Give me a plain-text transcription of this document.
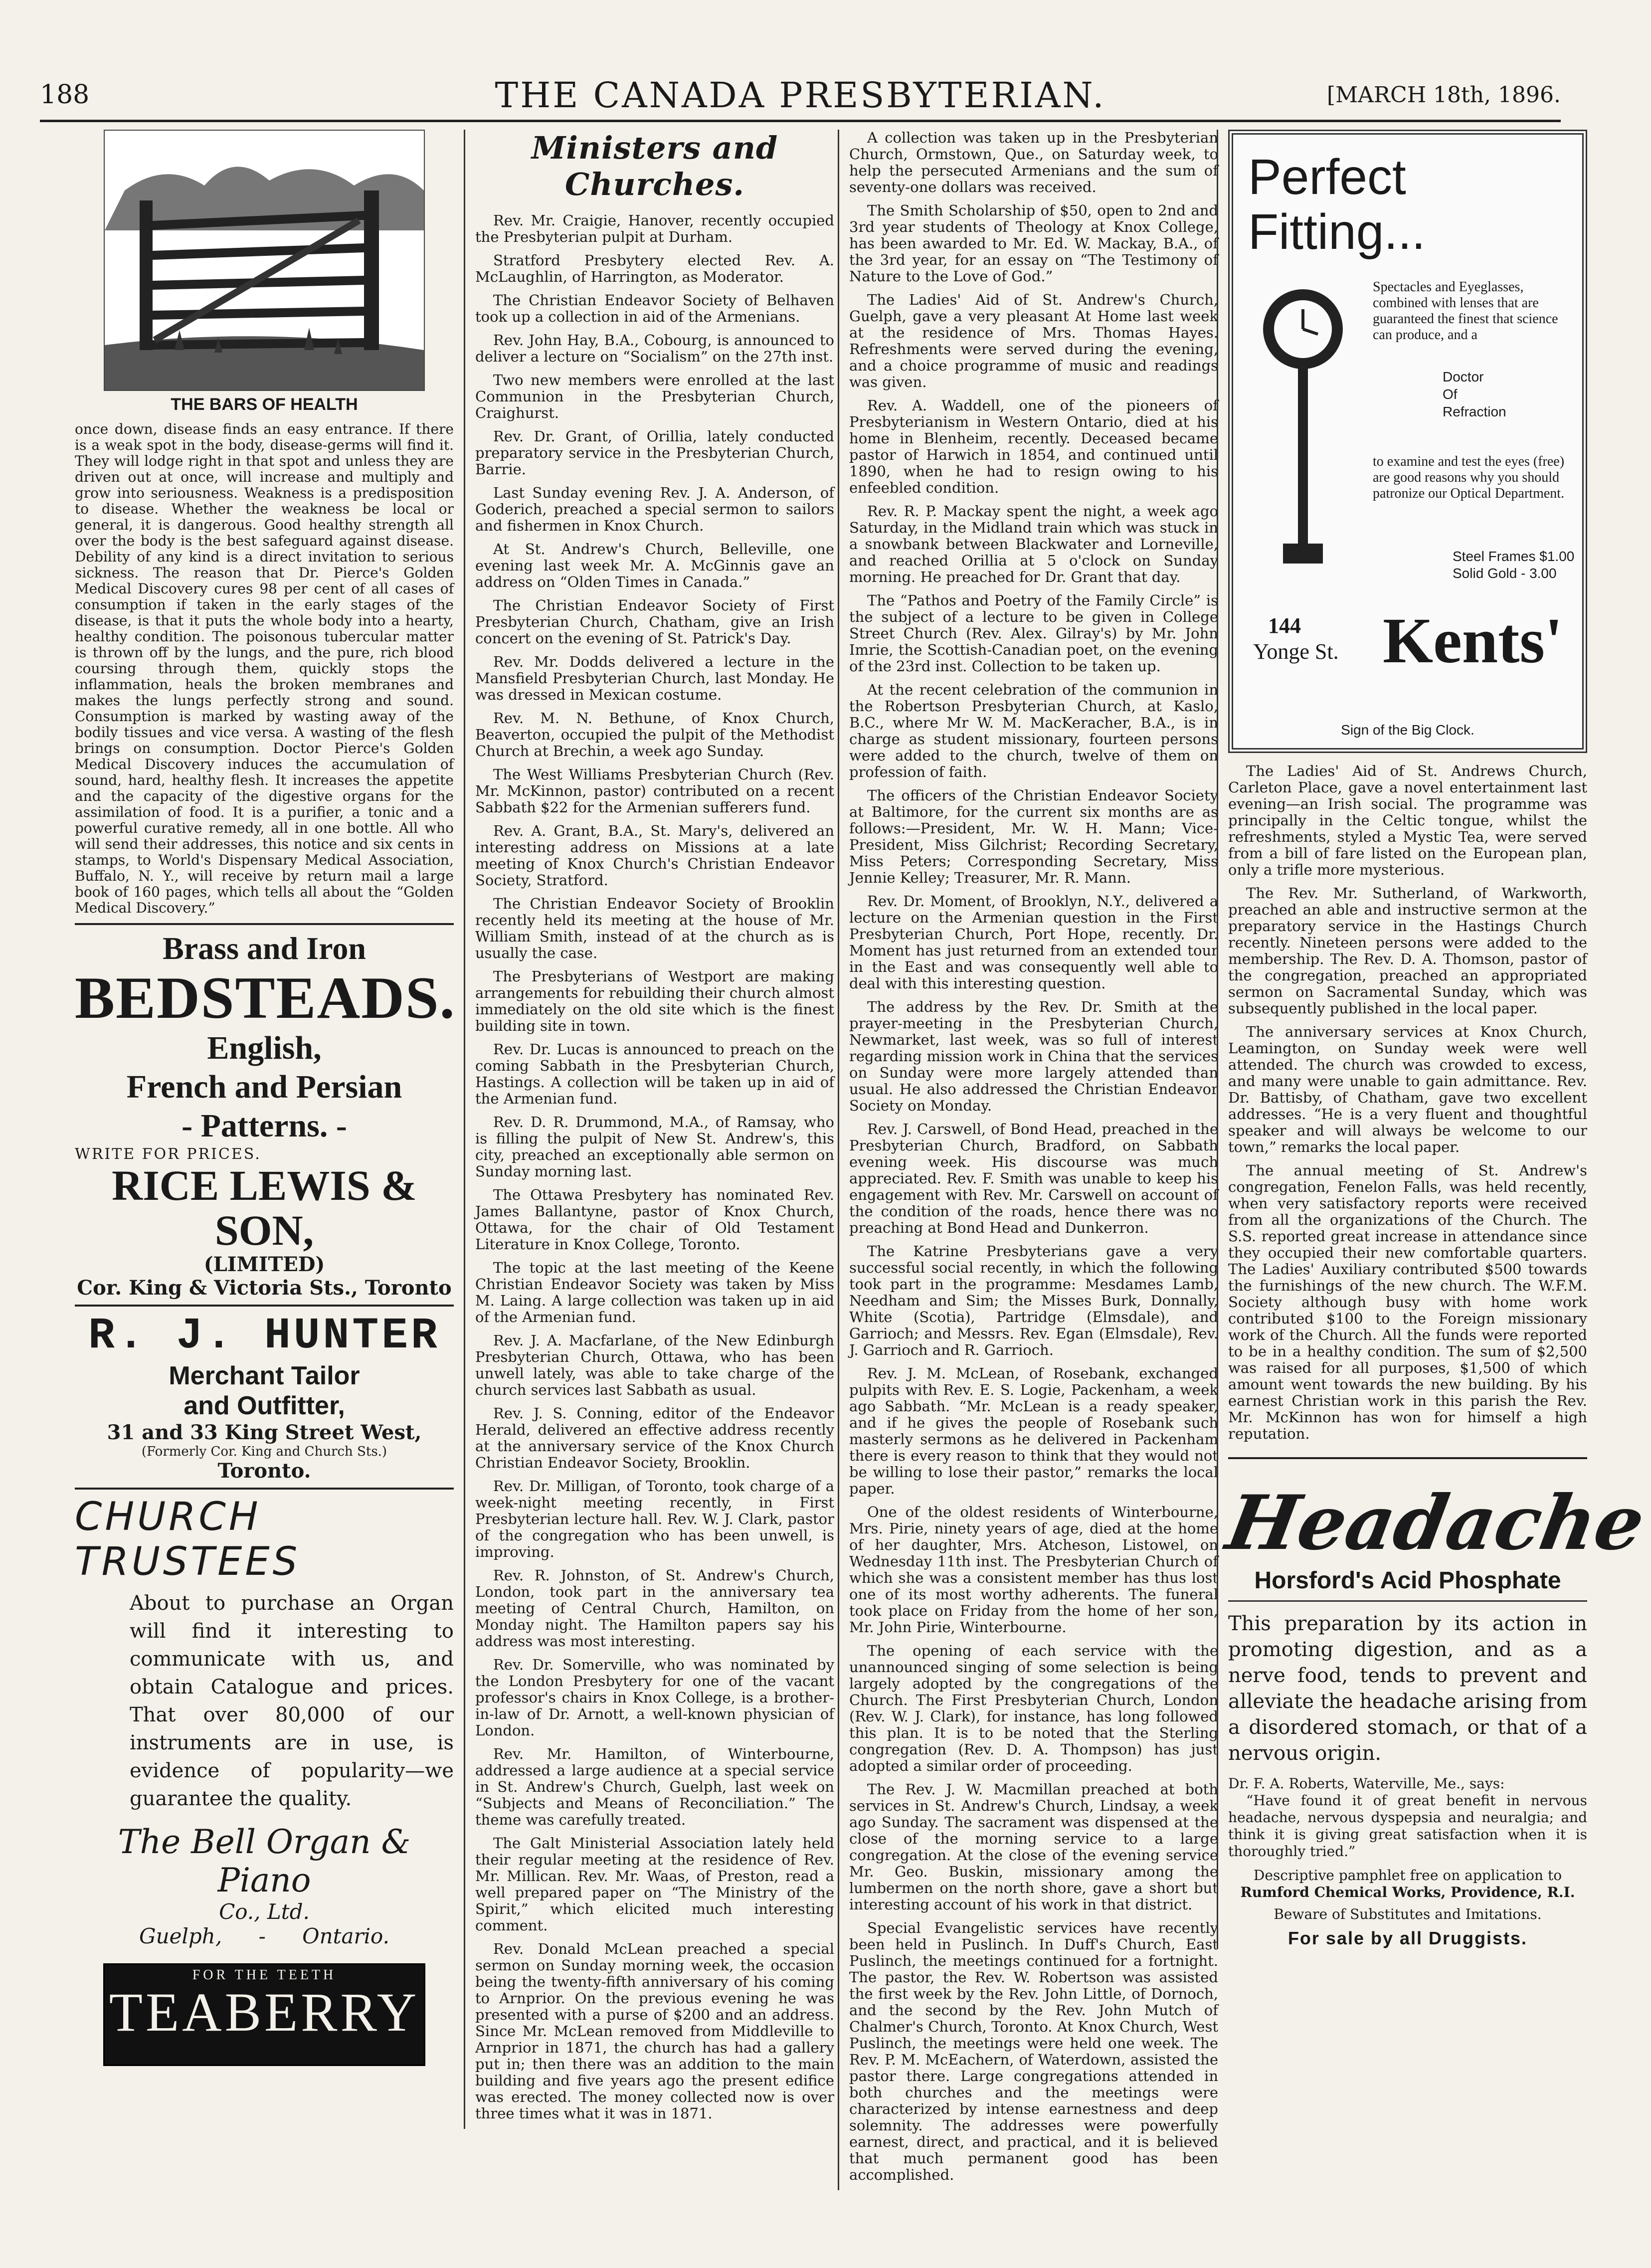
188	THE CANADA PRESBYTERIAN.	[MARCH 18th, 1896.
THE BARS OF HEALTH

once down, disease finds an easy entrance. If there is a weak spot in the body, disease-germs will find it. They will lodge right in that spot and unless they are driven out at once, will increase and multiply and grow into seriousness. Weakness is a predisposition to disease. Whether the weakness be local or general, it is dangerous. Good healthy strength all over the body is the best safeguard against disease. Debility of any kind is a direct invitation to serious sickness. The reason that Dr. Pierce's Golden Medical Discovery cures 98 per cent of all cases of consumption if taken in the early stages of the disease, is that it puts the whole body into a hearty, healthy condition. The poisonous tubercular matter is thrown off by the lungs, and the pure, rich blood coursing through them, quickly stops the inflammation, heals the broken membranes and makes the lungs perfectly strong and sound. Consumption is marked by wasting away of the bodily tissues and vice versa. A wasting of the flesh brings on consumption. Doctor Pierce's Golden Medical Discovery induces the accumulation of sound, hard, healthy flesh. It increases the appetite and the capacity of the digestive organs for the assimilation of food. It is a purifier, a tonic and a powerful curative remedy, all in one bottle. All who will send their addresses, this notice and six cents in stamps, to World's Dispensary Medical Association, Buffalo, N. Y., will receive by return mail a large book of 160 pages, which tells all about the “Golden Medical Discovery.”

Brass and Iron
BEDSTEADS.
English,
French and Persian
- Patterns. -
WRITE FOR PRICES.
RICE LEWIS & SON,
(LIMITED)
Cor. King & Victoria Sts., Toronto
R. J. HUNTER
Merchant Tailor
and Outfitter,
31 and 33 King Street West,
(Formerly Cor. King and Church Sts.)
Toronto.
CHURCH
TRUSTEES

About to purchase an Organ will find it interesting to communicate with us, and obtain Catalogue and prices. That over 80,000 of our instruments are in use, is evidence of popularity—we guarantee the quality.

The Bell Organ & Piano
Co., Ltd.
Guelph, - Ontario.
FOR THE TEETH
TEABERRY
Ministers and Churches.

Rev. Mr. Craigie, Hanover, recently occupied the Presbyterian pulpit at Durham.

Stratford Presbytery elected Rev. A. McLaughlin, of Harrington, as Moderator.

The Christian Endeavor Society of Belhaven took up a collection in aid of the Armenians.

Rev. John Hay, B.A., Cobourg, is announced to deliver a lecture on “Socialism” on the 27th inst.

Two new members were enrolled at the last Communion in the Presbyterian Church, Craighurst.

Rev. Dr. Grant, of Orillia, lately conducted preparatory service in the Presbyterian Church, Barrie.

Last Sunday evening Rev. J. A. Anderson, of Goderich, preached a special sermon to sailors and fishermen in Knox Church.

At St. Andrew's Church, Belleville, one evening last week Mr. A. McGinnis gave an address on “Olden Times in Canada.”

The Christian Endeavor Society of First Presbyterian Church, Chatham, give an Irish concert on the evening of St. Patrick's Day.

Rev. Mr. Dodds delivered a lecture in the Mansfield Presbyterian Church, last Monday. He was dressed in Mexican costume.

Rev. M. N. Bethune, of Knox Church, Beaverton, occupied the pulpit of the Methodist Church at Brechin, a week ago Sunday.

The West Williams Presbyterian Church (Rev. Mr. McKinnon, pastor) contributed on a recent Sabbath $22 for the Armenian sufferers fund.

Rev. A. Grant, B.A., St. Mary's, delivered an interesting address on Missions at a late meeting of Knox Church's Christian Endeavor Society, Stratford.

The Christian Endeavor Society of Brooklin recently held its meeting at the house of Mr. William Smith, instead of at the church as is usually the case.

The Presbyterians of Westport are making arrangements for rebuilding their church almost immediately on the old site which is the finest building site in town.

Rev. Dr. Lucas is announced to preach on the coming Sabbath in the Presbyterian Church, Hastings. A collection will be taken up in aid of the Armenian fund.

Rev. D. R. Drummond, M.A., of Ramsay, who is filling the pulpit of New St. Andrew's, this city, preached an exceptionally able sermon on Sunday morning last.

The Ottawa Presbytery has nominated Rev. James Ballantyne, pastor of Knox Church, Ottawa, for the chair of Old Testament Literature in Knox College, Toronto.

The topic at the last meeting of the Keene Christian Endeavor Society was taken by Miss M. Laing. A large collection was taken up in aid of the Armenian fund.

Rev. J. A. Macfarlane, of the New Edinburgh Presbyterian Church, Ottawa, who has been unwell lately, was able to take charge of the church services last Sabbath as usual.

Rev. J. S. Conning, editor of the Endeavor Herald, delivered an effective address recently at the anniversary service of the Knox Church Christian Endeavor Society, Brooklin.

Rev. Dr. Milligan, of Toronto, took charge of a week-night meeting recently, in First Presbyterian lecture hall. Rev. W. J. Clark, pastor of the congregation who has been unwell, is improving.

Rev. R. Johnston, of St. Andrew's Church, London, took part in the anniversary tea meeting of Central Church, Hamilton, on Monday night. The Hamilton papers say his address was most interesting.

Rev. Dr. Somerville, who was nominated by the London Presbytery for one of the vacant professor's chairs in Knox College, is a brother-in-law of Dr. Arnott, a well-known physician of London.

Rev. Mr. Hamilton, of Winterbourne, addressed a large audience at a special service in St. Andrew's Church, Guelph, last week on “Subjects and Means of Reconciliation.” The theme was carefully treated.

The Galt Ministerial Association lately held their regular meeting at the residence of Rev. Mr. Millican. Rev. Mr. Waas, of Preston, read a well prepared paper on “The Ministry of the Spirit,” which elicited much interesting comment.

Rev. Donald McLean preached a special sermon on Sunday morning week, the occasion being the twenty-fifth anniversary of his coming to Arnprior. On the previous evening he was presented with a purse of $200 and an address. Since Mr. McLean removed from Middleville to Arnprior in 1871, the church has had a gallery put in; then there was an addition to the main building and five years ago the present edifice was erected. The money collected now is over three times what it was in 1871.

A collection was taken up in the Presbyterian Church, Ormstown, Que., on Saturday week, to help the persecuted Armenians and the sum of seventy-one dollars was received.

The Smith Scholarship of $50, open to 2nd and 3rd year students of Theology at Knox College, has been awarded to Mr. Ed. W. Mackay, B.A., of the 3rd year, for an essay on “The Testimony of Nature to the Love of God.”

The Ladies' Aid of St. Andrew's Church, Guelph, gave a very pleasant At Home last week at the residence of Mrs. Thomas Hayes. Refreshments were served during the evening, and a choice programme of music and readings was given.

Rev. A. Waddell, one of the pioneers of Presbyterianism in Western Ontario, died at his home in Blenheim, recently. Deceased became pastor of Harwich in 1854, and continued until 1890, when he had to resign owing to his enfeebled condition.

Rev. R. P. Mackay spent the night, a week ago Saturday, in the Midland train which was stuck in a snowbank between Blackwater and Lorneville, and reached Orillia at 5 o'clock on Sunday morning. He preached for Dr. Grant that day.

The “Pathos and Poetry of the Family Circle” is the subject of a lecture to be given in College Street Church (Rev. Alex. Gilray's) by Mr. John Imrie, the Scottish-Canadian poet, on the evening of the 23rd inst. Collection to be taken up.

At the recent celebration of the communion in the Robertson Presbyterian Church, at Kaslo, B.C., where Mr W. M. MacKeracher, B.A., is in charge as student missionary, fourteen persons were added to the church, twelve of them on profession of faith.

The officers of the Christian Endeavor Society at Baltimore, for the current six months are as follows:—President, Mr. W. H. Mann; Vice-President, Miss Gilchrist; Recording Secretary, Miss Peters; Corresponding Secretary, Miss Jennie Kelley; Treasurer, Mr. R. Mann.

Rev. Dr. Moment, of Brooklyn, N.Y., delivered a lecture on the Armenian question in the First Presbyterian Church, Port Hope, recently. Dr. Moment has just returned from an extended tour in the East and was consequently well able to deal with this interesting question.

The address by the Rev. Dr. Smith at the prayer-meeting in the Presbyterian Church, Newmarket, last week, was so full of interest regarding mission work in China that the services on Sunday were more largely attended than usual. He also addressed the Christian Endeavor Society on Monday.

Rev. J. Carswell, of Bond Head, preached in the Presbyterian Church, Bradford, on Sabbath evening week. His discourse was much appreciated. Rev. F. Smith was unable to keep his engagement with Rev. Mr. Carswell on account of the condition of the roads, hence there was no preaching at Bond Head and Dunkerron.

The Katrine Presbyterians gave a very successful social recently, in which the following took part in the programme: Mesdames Lamb, Needham and Sim; the Misses Burk, Donnally, White (Scotia), Partridge (Elmsdale), and Garrioch; and Messrs. Rev. Egan (Elmsdale), Rev. J. Garrioch and R. Garrioch.

Rev. J. M. McLean, of Rosebank, exchanged pulpits with Rev. E. S. Logie, Packenham, a week ago Sabbath. “Mr. McLean is a ready speaker, and if he gives the people of Rosebank such masterly sermons as he delivered in Packenham there is every reason to think that they would not be willing to lose their pastor,” remarks the local paper.

One of the oldest residents of Winterbourne, Mrs. Pirie, ninety years of age, died at the home of her daughter, Mrs. Atcheson, Listowel, on Wednesday 11th inst. The Presbyterian Church of which she was a consistent member has thus lost one of its most worthy adherents. The funeral took place on Friday from the home of her son, Mr. John Pirie, Winterbourne.

The opening of each service with the unannounced singing of some selection is being largely adopted by the congregations of the Church. The First Presbyterian Church, London (Rev. W. J. Clark), for instance, has long followed this plan. It is to be noted that the Sterling congregation (Rev. D. A. Thompson) has just adopted a similar order of proceeding.

The Rev. J. W. Macmillan preached at both services in St. Andrew's Church, Lindsay, a week ago Sunday. The sacrament was dispensed at the close of the morning service to a large congregation. At the close of the evening service Mr. Geo. Buskin, missionary among the lumbermen on the north shore, gave a short but interesting account of his work in that district.

Special Evangelistic services have recently been held in Puslinch. In Duff's Church, East Puslinch, the meetings continued for a fortnight. The pastor, the Rev. W. Robertson was assisted the first week by the Rev. John Little, of Dornoch, and the second by the Rev. John Mutch of Chalmer's Church, Toronto. At Knox Church, West Puslinch, the meetings were held one week. The Rev. P. M. McEachern, of Waterdown, assisted the pastor there. Large congregations attended in both churches and the meetings were characterized by intense earnestness and deep solemnity. The addresses were powerfully earnest, direct, and practical, and it is believed that much permanent good has been accomplished.

Perfect
Fitting...
Spectacles and Eyeglasses, combined with lenses that are guaranteed the finest that science can produce, and a
Doctor
Of
Refraction
to examine and test the eyes (free) are good reasons why you should patronize our Optical Department.
Steel Frames $1.00
Solid Gold - 3.00
144
Yonge St. Kents'
Sign of the Big Clock.

The Ladies' Aid of St. Andrews Church, Carleton Place, gave a novel entertainment last evening—an Irish social. The programme was principally in the Celtic tongue, whilst the refreshments, styled a Mystic Tea, were served from a bill of fare listed on the European plan, only a trifle more mysterious.

The Rev. Mr. Sutherland, of Warkworth, preached an able and instructive sermon at the preparatory service in the Hastings Church recently. Nineteen persons were added to the membership. The Rev. D. A. Thomson, pastor of the congregation, preached an appropriated sermon on Sacramental Sunday, which was subsequently published in the local paper.

The anniversary services at Knox Church, Leamington, on Sunday week were well attended. The church was crowded to excess, and many were unable to gain admittance. Rev. Dr. Battisby, of Chatham, gave two excellent addresses. “He is a very fluent and thoughtful speaker and will always be welcome to our town,” remarks the local paper.

The annual meeting of St. Andrew's congregation, Fenelon Falls, was held recently, when very satisfactory reports were received from all the organizations of the Church. The S.S. reported great increase in attendance since they occupied their new comfortable quarters. The Ladies' Auxiliary contributed $500 towards the furnishings of the new church. The W.F.M. Society although busy with home work contributed $100 to the Foreign missionary work of the Church. All the funds were reported to be in a healthy condition. The sum of $2,500 was raised for all purposes, $1,500 of which amount went towards the new building. By his earnest Christian work in this parish the Rev. Mr. McKinnon has won for himself a high reputation.

Headache
Horsford's Acid Phosphate

This preparation by its action in promoting digestion, and as a nerve food, tends to prevent and alleviate the headache arising from a disordered stomach, or that of a nervous origin.

Dr. F. A. Roberts, Waterville, Me., says:

“Have found it of great benefit in nervous headache, nervous dyspepsia and neuralgia; and think it is giving great satisfaction when it is thoroughly tried.”

Descriptive pamphlet free on application to
Rumford Chemical Works, Providence, R.I.
Beware of Substitutes and Imitations.
For sale by all Druggists.
